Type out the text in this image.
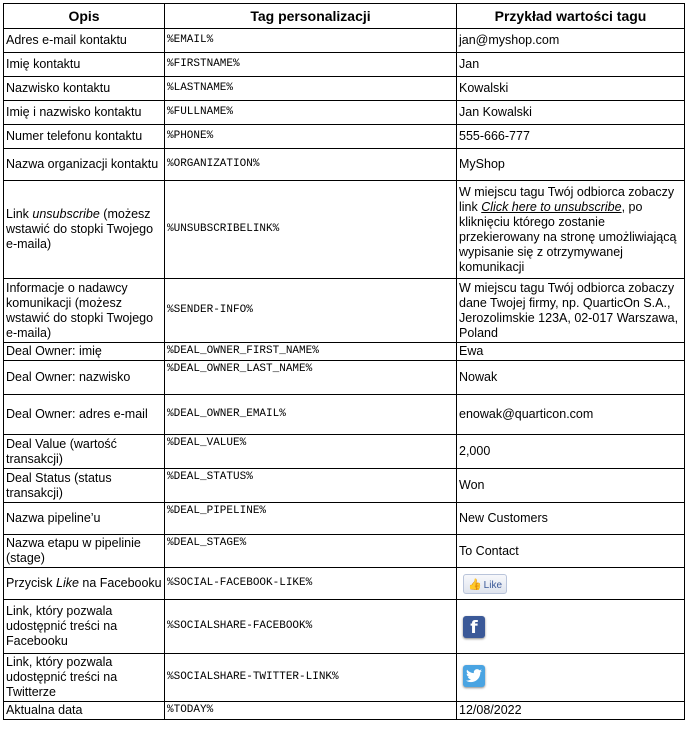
Opis	Tag personalizacji	Przykład wartości tagu
Adres e-mail kontaktu	%EMAIL%	jan@myshop.com
Imię kontaktu	%FIRSTNAME%	Jan
Nazwisko kontaktu	%LASTNAME%	Kowalski
Imię i nazwisko kontaktu	%FULLNAME%	Jan Kowalski
Numer telefonu kontaktu	%PHONE%	555-666-777
Nazwa organizacji kontaktu	%ORGANIZATION%	MyShop
Link unsubscribe (możesz wstawić do stopki Twojego e-maila)	%UNSUBSCRIBELINK%	W miejscu tagu Twój odbiorca zobaczy link Click here to unsubscribe, po kliknięciu którego zostanie przekierowany na stronę umożliwiającą wypisanie się z otrzymywanej komunikacji
Informacje o nadawcy komunikacji (możesz wstawić do stopki Twojego e-maila)	%SENDER-INFO%	W miejscu tagu Twój odbiorca zobaczy dane Twojej firmy, np. QuarticOn S.A., Jerozolimskie 123A, 02-017 Warszawa, Poland
Deal Owner: imię	%DEAL_OWNER_FIRST_NAME%	Ewa
Deal Owner: nazwisko	%DEAL_OWNER_LAST_NAME%	Nowak
Deal Owner: adres e-mail	%DEAL_OWNER_EMAIL%	enowak@quarticon.com
Deal Value (wartość transakcji)	%DEAL_VALUE%	2,000
Deal Status (status transakcji)	%DEAL_STATUS%	Won
Nazwa pipeline’u	%DEAL_PIPELINE%	New Customers
Nazwa etapu w pipelinie (stage)	%DEAL_STAGE%	To Contact
Przycisk Like na Facebooku	%SOCIAL-FACEBOOK-LIKE%	👍 Like
Link, który pozwala udostępnić treści na Facebooku	%SOCIALSHARE-FACEBOOK%	f
Link, który pozwala udostępnić treści na Twitterze	%SOCIALSHARE-TWITTER-LINK%	

Aktualna data	%TODAY%	12/08/2022
